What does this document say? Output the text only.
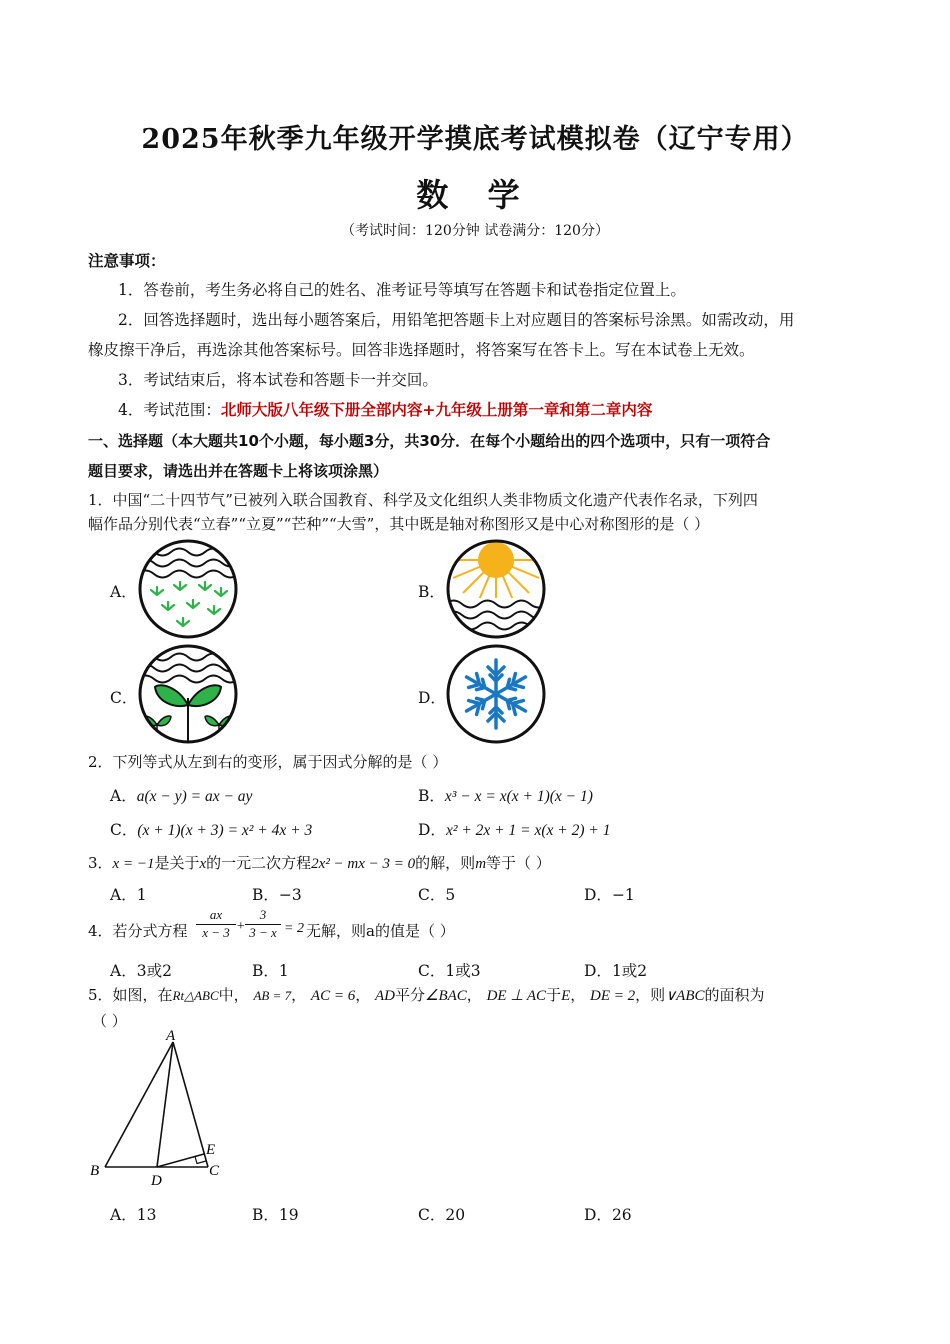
2025年秋季九年级开学摸底考试模拟卷（辽宁专用）
数 学
（考试时间：120分钟 试卷满分：120分）
注意事项：
1．答卷前，考生务必将自己的姓名、准考证号等填写在答题卡和试卷指定位置上。
2．回答选择题时，选出每小题答案后，用铅笔把答题卡上对应题目的答案标号涂黑。如需改动，用
橡皮擦干净后，再选涂其他答案标号。回答非选择题时，将答案写在答卡上。写在本试卷上无效。
3．考试结束后，将本试卷和答题卡一并交回。
4．考试范围：北师大版八年级下册全部内容+九年级上册第一章和第二章内容
一、选择题（本大题共10个小题，每小题3分，共30分．在每个小题给出的四个选项中，只有一项符合
题目要求，请选出并在答题卡上将该项涂黑）
1．中国“二十四节气”已被列入联合国教育、科学及文化组织人类非物质文化遗产代表作名录，下列四
幅作品分别代表“立春”“立夏”“芒种”“大雪”，其中既是轴对称图形又是中心对称图形的是（ ）
A．	B．
C．	D．
2．下列等式从左到右的变形，属于因式分解的是（ ）
A．a(x − y) = ax − ay	B．x³ − x = x(x + 1)(x − 1)
C．(x + 1)(x + 3) = x² + 4x + 3	D．x² + 2x + 1 = x(x + 2) + 1
3．x = −1是关于x的一元二次方程2x² − mx − 3 = 0的解，则m等于（ ）
A．1	B．−3	C．5	D．−1
4．若分式方程 $\frac{ax}{x - 3} + \frac{3}{3 - x} = 2$ 无解，则a的值是（ ）
A．3或2	B．1	C．1或3	D．1或2
5．如图，在Rt△ABC中， AB = 7， AC = 6， AD平分∠BAC， DE ⊥ AC于E， DE = 2，则∨ABC的面积为
（ ）
A
B	C
D
E
A．13	B．19	C．20	D．26
